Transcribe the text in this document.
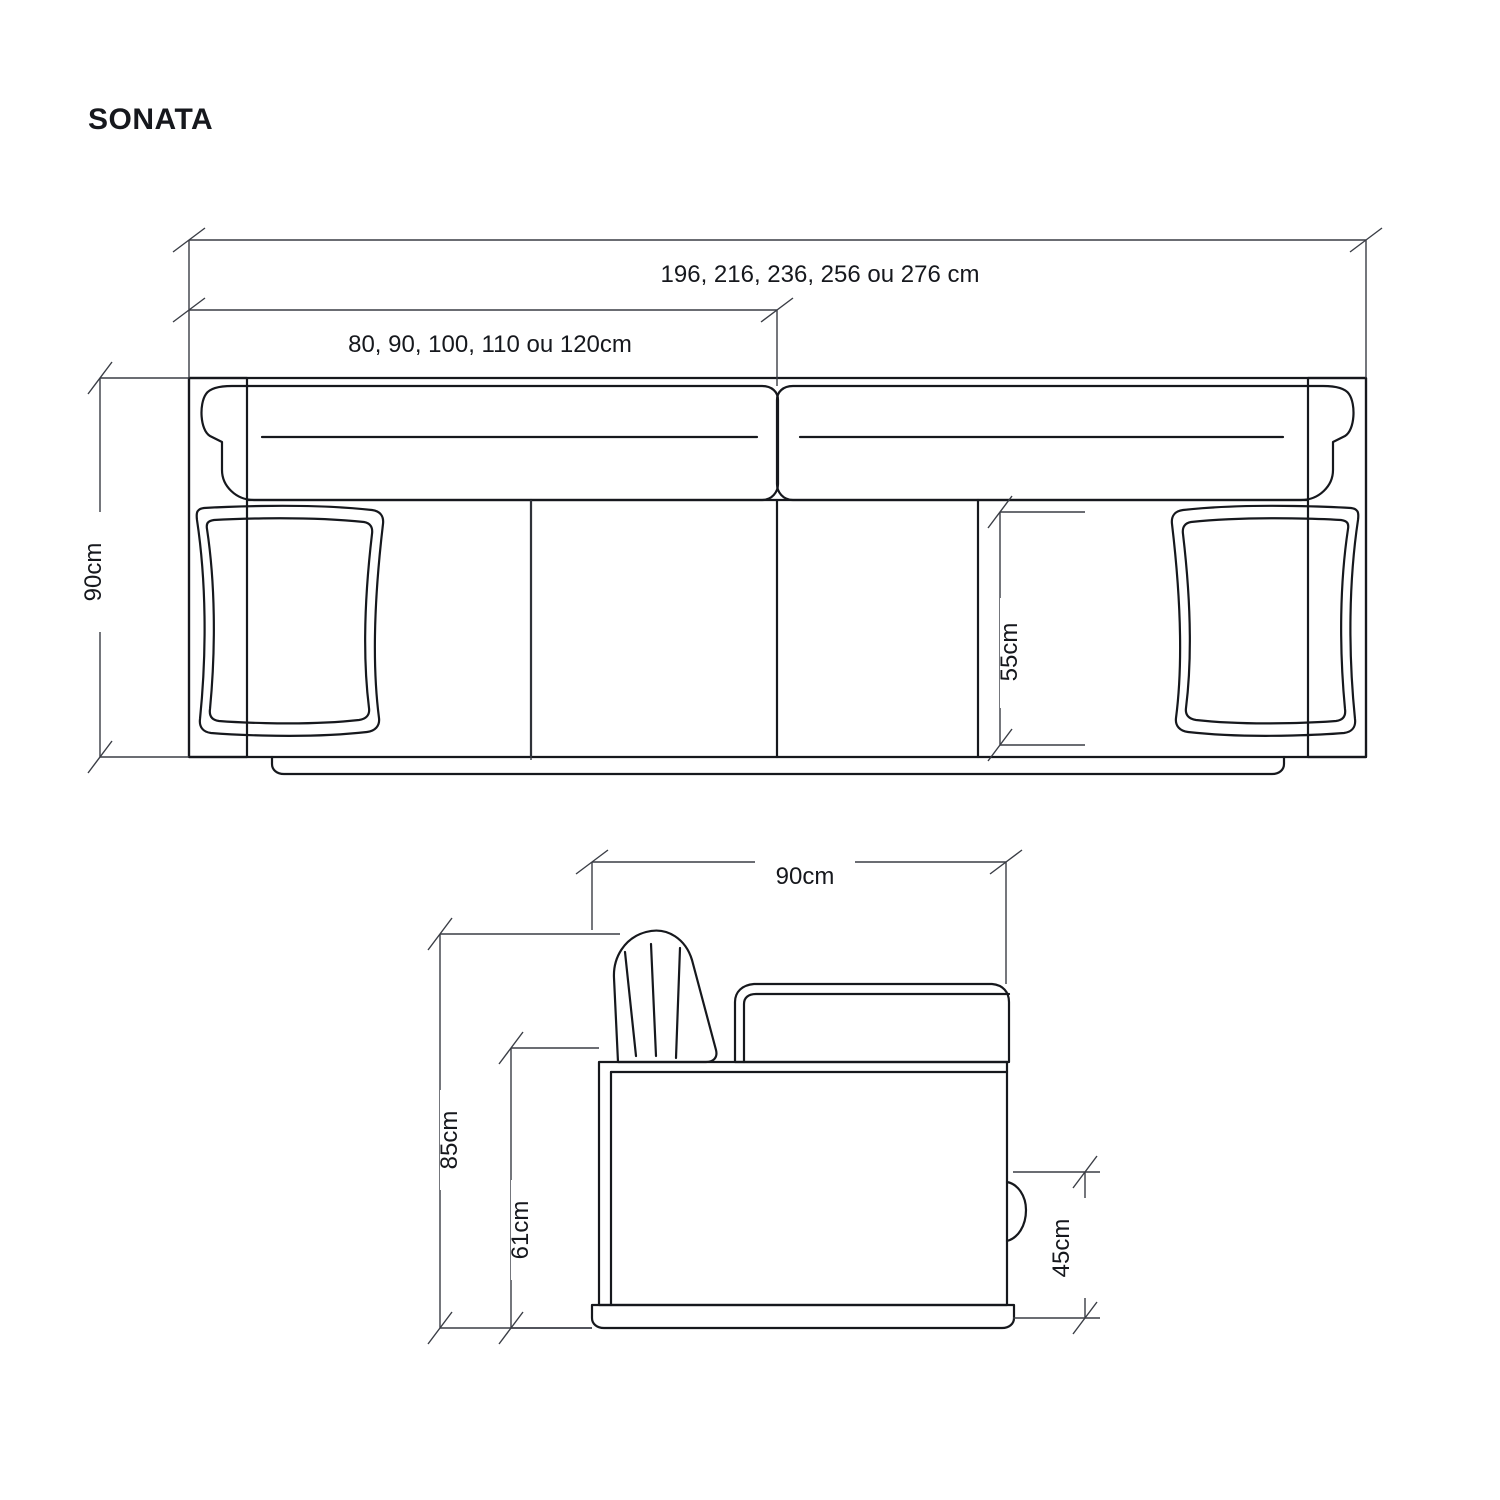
SONATA
196, 216, 236, 256 ou 276 cm
80, 90, 100, 110 ou 120cm
90cm
55cm
90cm
85cm
61cm	45cm
